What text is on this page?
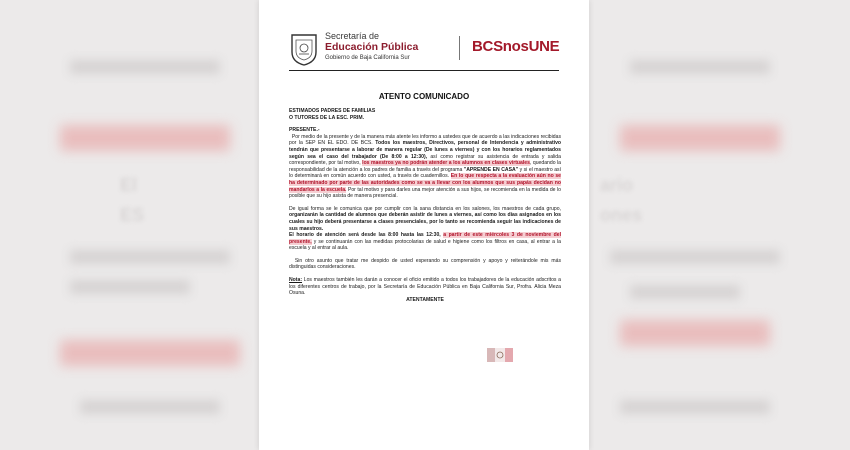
El
ES
ario
ones
Secretaría de
Educación Pública
Gobierno de Baja California Sur
BCSnosUNE
ATENTO COMUNICADO

ESTIMADOS PADRES DE FAMILIAS

O TUTORES DE LA ESC. PRIM.

PRESENTE.-

Por medio de la presente y de la manera más atente les informo a ustedes que de acuerdo a las indicaciones recibidas por la SEP EN EL EDO. DE BCS. Todos los maestros, Directivos, personal de Intendencia y administrativo tendrán que presentarse a laborar de manera regular (De lunes a viernes) y con los horarios reglamentados según sea el caso del trabajador (De 8:00 a 12:30), así como registrar su asistencia de entrada y salida correspondiente, por tal motivo, los maestros ya no podrán atender a los alumnos en clases virtuales, quedando la responsabilidad de la atención a los padres de familia a través del programa "APRENDE EN CASA" y si el maestro así lo determinará en común acuerdo con usted, a través de cuadernillos. En lo que respecta a la evaluación aún no se ha determinado por parte de las autoridades como se va a llevar con los alumnos que sus papás decidan no mandarlos a la escuela. Por tal motivo y para darles una mejor atención a sus hijos, se recomienda en la medida de lo posible que su hijo asista de manera presencial.

De igual forma se le comunica que por cumplir con la sana distancia en los salones, los maestros de cada grupo, organizarán la cantidad de alumnos que deberán asistir de lunes a viernes, así como los días asignados en los cuales su hijo deberá presentarse a clases presenciales, por lo tanto se recomienda seguir las indicaciones de sus maestros.
El horario de atención será desde las 8:00 hasta las 12:30, a partir de este miércoles 3 de noviembre del presente, y se continuarán con las medidas protocolarias de salud e higiene como los filtros en casa, al entrar a la escuela y al entrar al aula.

Sin otro asunto que tratar me despido de usted esperando su comprensión y apoyo y reiterándole mis más distinguidas consideraciones.

Nota: Los maestros también les darán a conocer el oficio emitido a todos los trabajadores de la educación adscritos a los diferentes centros de trabajo, por la Secretaría de Educación Pública en Baja California Sur, Profra. Alicia Meza Osuna.

ATENTAMENTE
